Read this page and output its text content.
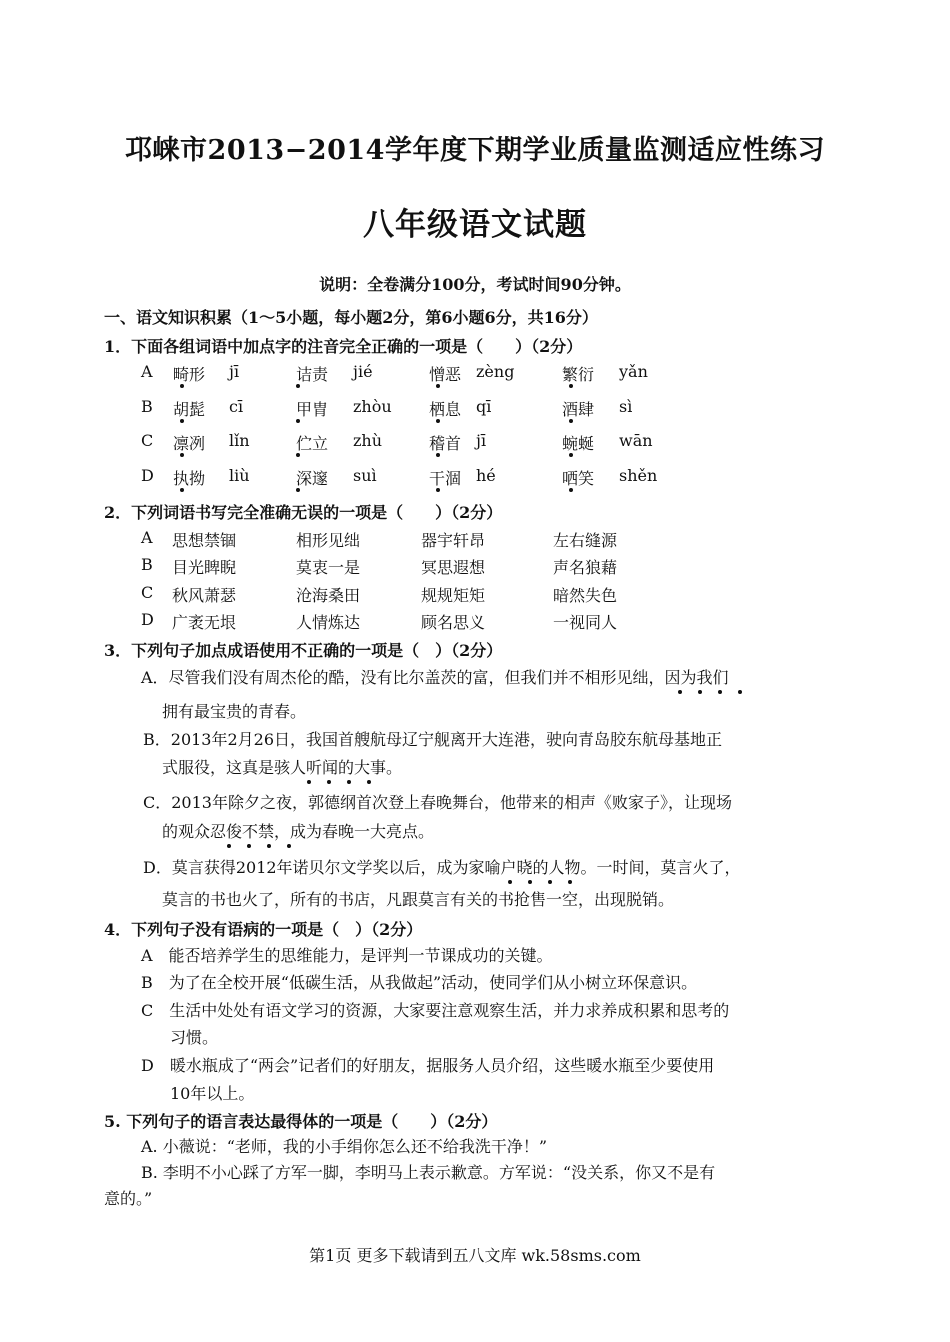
邛崃市2013−2014学年度下期学业质量监测适应性练习
八年级语文试题
说明：全卷满分100分，考试时间90分钟。
一、语文知识积累（1～5小题，每小题2分，第6小题6分，共16分）
1．下面各组词语中加点字的注音完全正确的一项是（　　）（2分）
A 畸形 jī	诘责 jié	憎恶 zèng	繁衍 yǎn
B 胡髭 cī	甲胄 zhòu 栖息 qī	酒肆 sì
C 凛冽 lǐn	伫立 zhù	稽首 jī	蜿蜒 wān
D 执拗 liù	深邃 suì	干涸 hé	哂笑 shěn
2．下列词语书写完全准确无误的一项是（　　）（2分）
A 思想禁锢	相形见绌	器宇轩昂	左右缝源
B 目光睥睨	莫衷一是	冥思遐想	声名狼藉
C 秋风萧瑟	沧海桑田	规规矩矩	暗然失色
D 广袤无垠	人情炼达	顾名思义	一视同人
3．下列句子加点成语使用不正确的一项是（　）（2分）
A．尽管我们没有周杰伦的酷，没有比尔盖茨的富，但我们并不相形见绌，因为我们
拥有最宝贵的青春。
B．2013年2月26日，我国首艘航母辽宁舰离开大连港，驶向青岛胶东航母基地正
式服役，这真是骇人听闻的大事。
C．2013年除夕之夜，郭德纲首次登上春晚舞台，他带来的相声《败家子》，让现场
的观众忍俊不禁，成为春晚一大亮点。
D．莫言获得2012年诺贝尔文学奖以后，成为家喻户晓的人物。一时间，莫言火了，
莫言的书也火了，所有的书店，凡跟莫言有关的书抢售一空，出现脱销。
4．下列句子没有语病的一项是（　）（2分）
A　能否培养学生的思维能力，是评判一节课成功的关键。
B　为了在全校开展“低碳生活，从我做起”活动，使同学们从小树立环保意识。
C　生活中处处有语文学习的资源，大家要注意观察生活，并力求养成积累和思考的
习惯。
D　暖水瓶成了“两会”记者们的好朋友，据服务人员介绍，这些暖水瓶至少要使用
10年以上。
5. 下列句子的语言表达最得体的一项是（　　）（2分）
A. 小薇说：“老师，我的小手绢你怎么还不给我洗干净！”
B. 李明不小心踩了方军一脚，李明马上表示歉意。方军说：“没关系，你又不是有
意的。”
第1页 更多下载请到五八文库 wk.58sms.com
